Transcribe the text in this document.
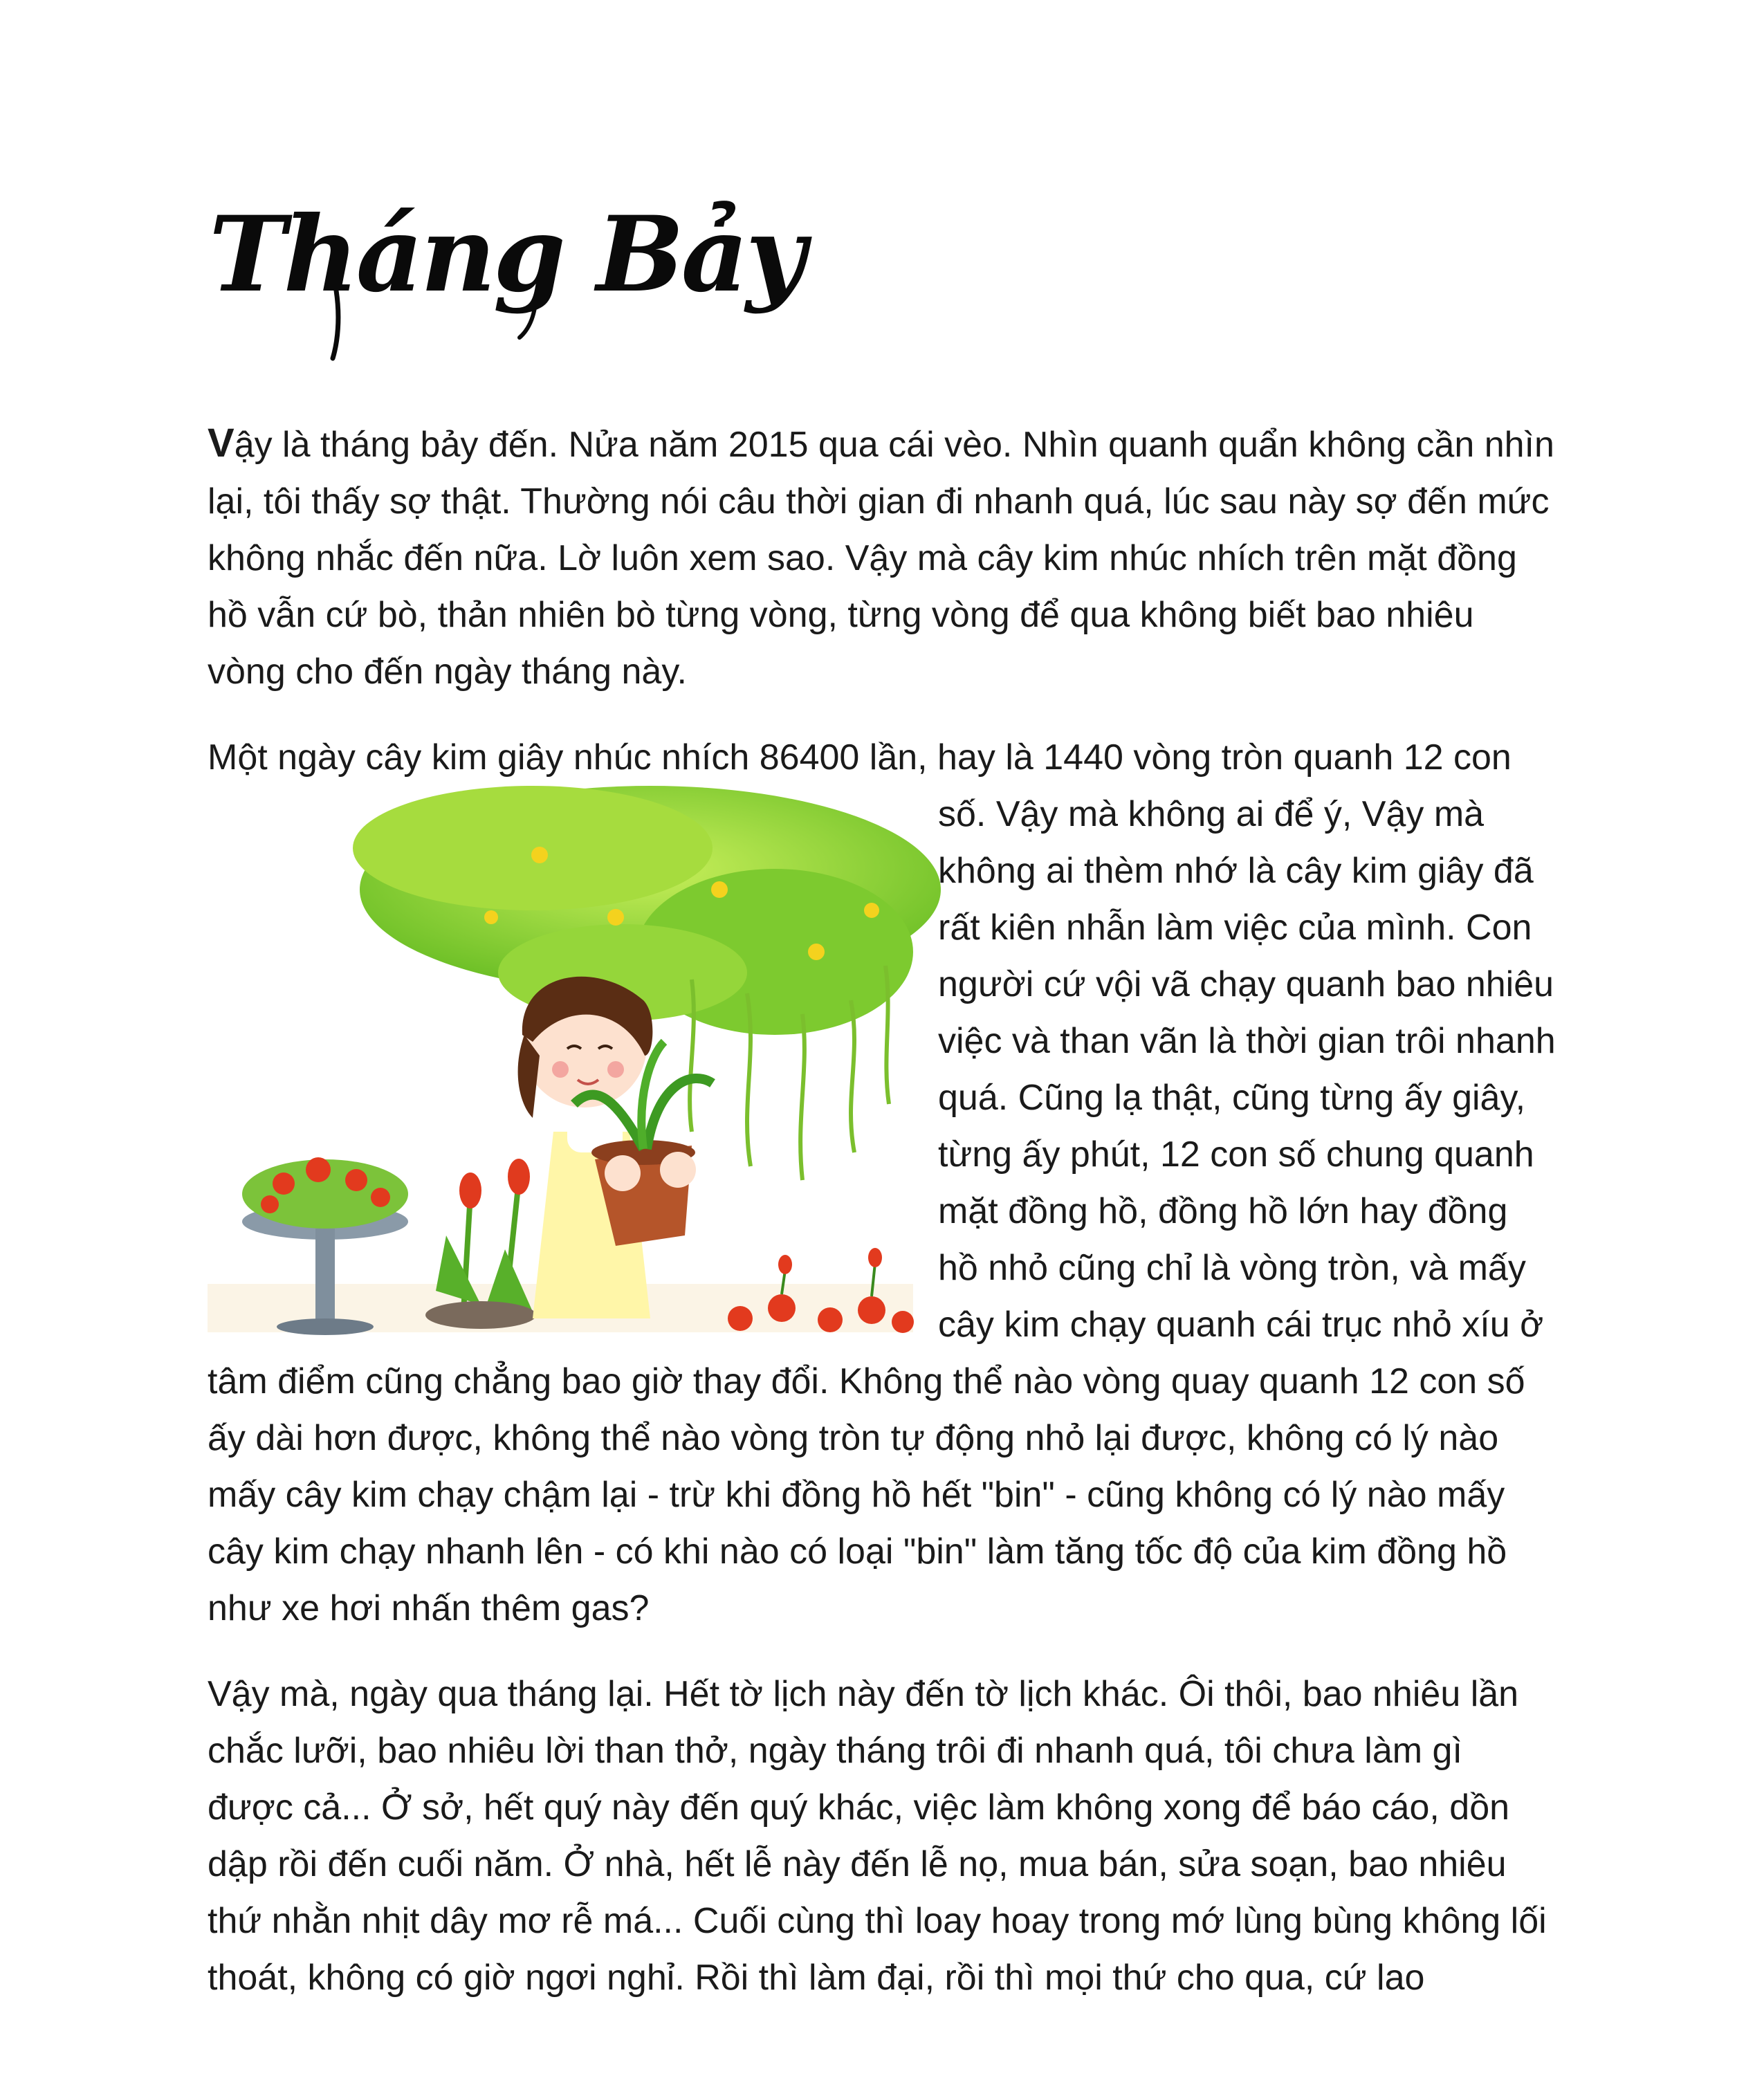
Tháng Bảy

Vậy là tháng bảy đến. Nửa năm 2015 qua cái vèo. Nhìn quanh quẩn không cần nhìn lại, tôi thấy sợ thật. Thường nói câu thời gian đi nhanh quá, lúc sau này sợ đến mức không nhắc đến nữa. Lờ luôn xem sao. Vậy mà cây kim nhúc nhích trên mặt đồng hồ vẫn cứ bò, thản nhiên bò từng vòng, từng vòng để qua không biết bao nhiêu vòng cho đến ngày tháng này.

Một ngày cây kim giây nhúc nhích 86400 lần, hay là 1440 vòng tròn quanh 12 con
số. Vậy mà không ai để ý, Vậy mà không ai thèm nhớ là cây kim giây đã rất kiên nhẫn làm việc của mình. Con người cứ vội vã chạy quanh bao nhiêu việc và than vãn là thời gian trôi nhanh quá. Cũng lạ thật, cũng từng ấy giây, từng ấy phút, 12 con số chung quanh mặt đồng hồ, đồng hồ lớn hay đồng hồ nhỏ cũng chỉ là vòng tròn, và mấy cây kim chạy quanh cái trục nhỏ xíu ở tâm điểm cũng chẳng bao giờ thay đổi. Không thể nào vòng quay quanh 12 con số ấy dài hơn được, không thể nào vòng tròn tự động nhỏ lại được, không có lý nào mấy cây kim chạy chậm lại - trừ khi đồng hồ hết "bin" - cũng không có lý nào mấy cây kim chạy nhanh lên - có khi nào có loại "bin" làm tăng tốc độ của kim đồng hồ như xe hơi nhấn thêm gas?

Vậy mà, ngày qua tháng lại. Hết tờ lịch này đến tờ lịch khác. Ôi thôi, bao nhiêu lần chắc lưỡi, bao nhiêu lời than thở, ngày tháng trôi đi nhanh quá, tôi chưa làm gì được cả... Ở sở, hết quý này đến quý khác, việc làm không xong để báo cáo, dồn dập rồi đến cuối năm. Ở nhà, hết lễ này đến lễ nọ, mua bán, sửa soạn, bao nhiêu thứ nhằn nhịt dây mơ rễ má... Cuối cùng thì loay hoay trong mớ lùng bùng không lối thoát, không có giờ ngơi nghỉ. Rồi thì làm đại, rồi thì mọi thứ cho qua, cứ lao
